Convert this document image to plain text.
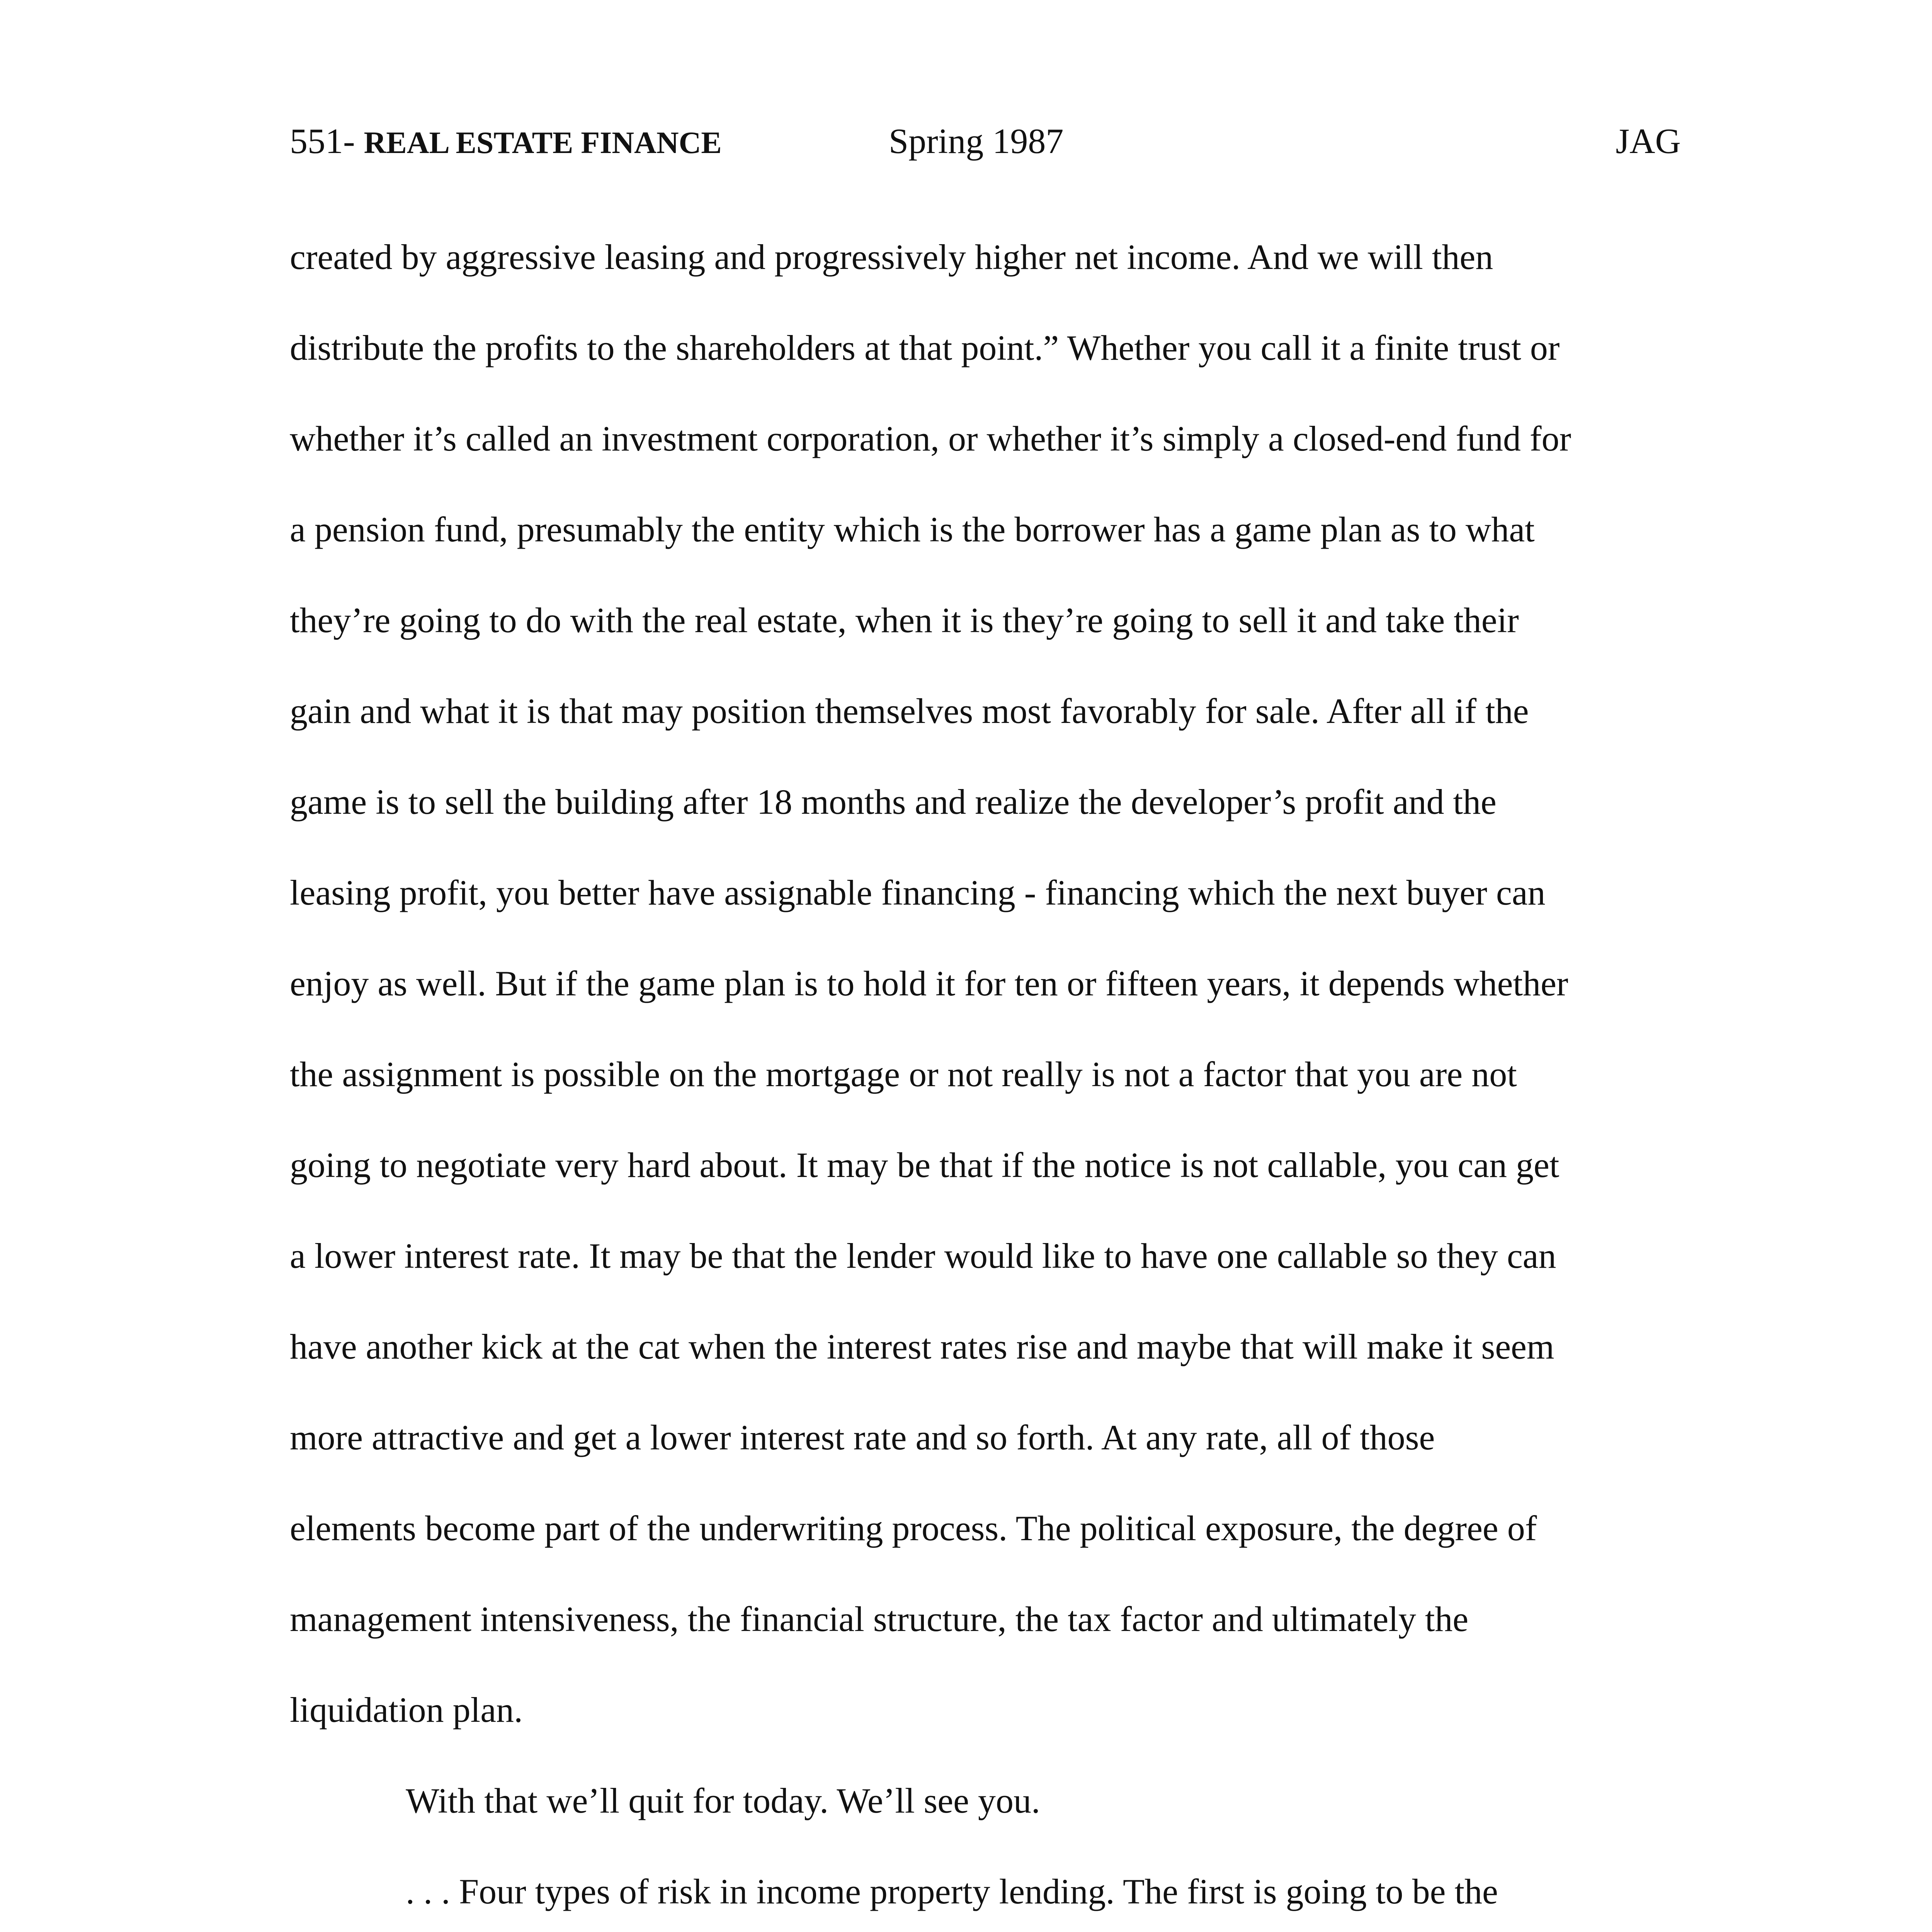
551- REAL ESTATE FINANCE	Spring 1987	JAG
created by aggressive leasing and progressively higher net income. And we will then
distribute the profits to the shareholders at that point.” Whether you call it a finite trust or
whether it’s called an investment corporation, or whether it’s simply a closed-end fund for
a pension fund, presumably the entity which is the borrower has a game plan as to what
they’re going to do with the real estate, when it is they’re going to sell it and take their
gain and what it is that may position themselves most favorably for sale. After all if the
game is to sell the building after 18 months and realize the developer’s profit and the
leasing profit, you better have assignable financing - financing which the next buyer can
enjoy as well. But if the game plan is to hold it for ten or fifteen years, it depends whether
the assignment is possible on the mortgage or not really is not a factor that you are not
going to negotiate very hard about. It may be that if the notice is not callable, you can get
a lower interest rate. It may be that the lender would like to have one callable so they can
have another kick at the cat when the interest rates rise and maybe that will make it seem
more attractive and get a lower interest rate and so forth. At any rate, all of those
elements become part of the underwriting process. The political exposure, the degree of
management intensiveness, the financial structure, the tax factor and ultimately the
liquidation plan.
With that we’ll quit for today. We’ll see you.
. . . Four types of risk in income property lending. The first is going to be the
